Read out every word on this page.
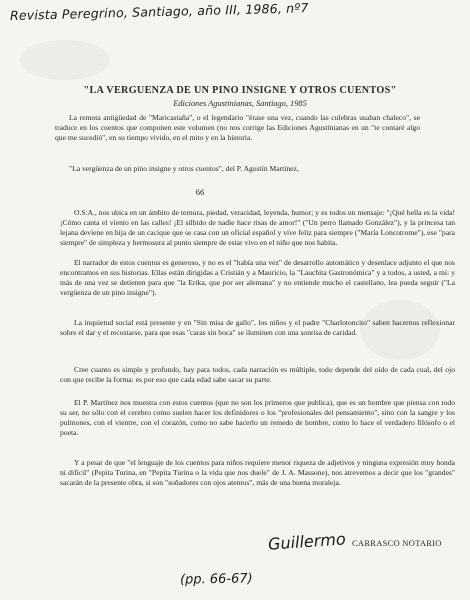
Revista Peregrino, Santiago, año III, 1986, nº7
"LA VERGUENZA DE UN PINO INSIGNE Y OTROS CUENTOS"
Ediciones Agustinianas, Santiago, 1985
La remota antigüedad de "Maricastaña", o el legendario "érase una vez, cuando las culebras usaban chaleco", se traduce en los cuentos que componen este volumen (no nos corrige las Ediciones Agustinianas en un "te contaré algo que me sucedió", en su tiempo vivido, en el mito y en la historia.
"La vergüenza de un pino insigne y otros cuentos", del P. Agustín Martínez,
66
O.S.A., nos ubica en un ámbito de ternura, piedad, veracidad, leyenda, humor; y es todos un mensaje: "¡Qué bella es la vida! ¡Cómo canta el viento en las calles! ¡El silbido de nadie hace risas de amor!" ("Un perro llamado González"), y la princesa tan lejana deviene en hija de un cacique que se casa con un oficial español y vive feliz para siempre ("María Loncotrome"), ese "para siempre" de simpleza y hermosura al punto siempre de estar vivo en el niño que nos habita.
El narrador de estos cuentos es generoso, y no es el "había una vez" de desarrollo automático y desenlace adjunto el que nos encontramos en sus historias. Ellas están dirigidas a Cristián y a Mauricio, la "Lauchita Gastronómica" y a todos, a usted, a mí: y más de una vez se detienen para que "la Erika, que por ser alemana" y no entiende mucho el castellano, lea pueda seguir ("La vergüenza de un pino insigne").
La inquietud social está presente y en "Sin misa de gallo", los niños y el padre "Charlotoncito" saben hacernos reflexionar sobre el dar y el recostarse, para que esas "caras sin boca" se iluminen con una sonrisa de caridad.
Cree cuanto es simple y profundo, hay para todos, cada narración es múltiple, todo depende del oído de cada cual, del ojo con que recibe la forma: es por eso que cada edad sabe sacar su parte.
El P. Martínez nos muestra con estos cuentos (que no son los primeros que publica), que es un hombre que piensa con todo su ser, no sólo con el cerebro como suelen hacer los definidores o los "profesionales del pensamiento", sino con la sangre y los pulmones, con el vientre, con el corazón, como no sabe hacerlo un remedo de hombre, como lo hace el verdadero filósofo o el poeta.
Y a pesar de que "el lenguaje de los cuentos para niños requiere menor riqueza de adjetivos y ninguna expresión muy honda ni difícil" (Pepita Turina, en "Pepita Turina o la vida que nos duele" de J. A. Massone), nos atrevemos a decir que los "grandes" sacarán de la presente obra, si son "soñadores con ojos atentos", más de una buena moraleja.
Guillermo CARRASCO NOTARIO
(pp. 66-67)
